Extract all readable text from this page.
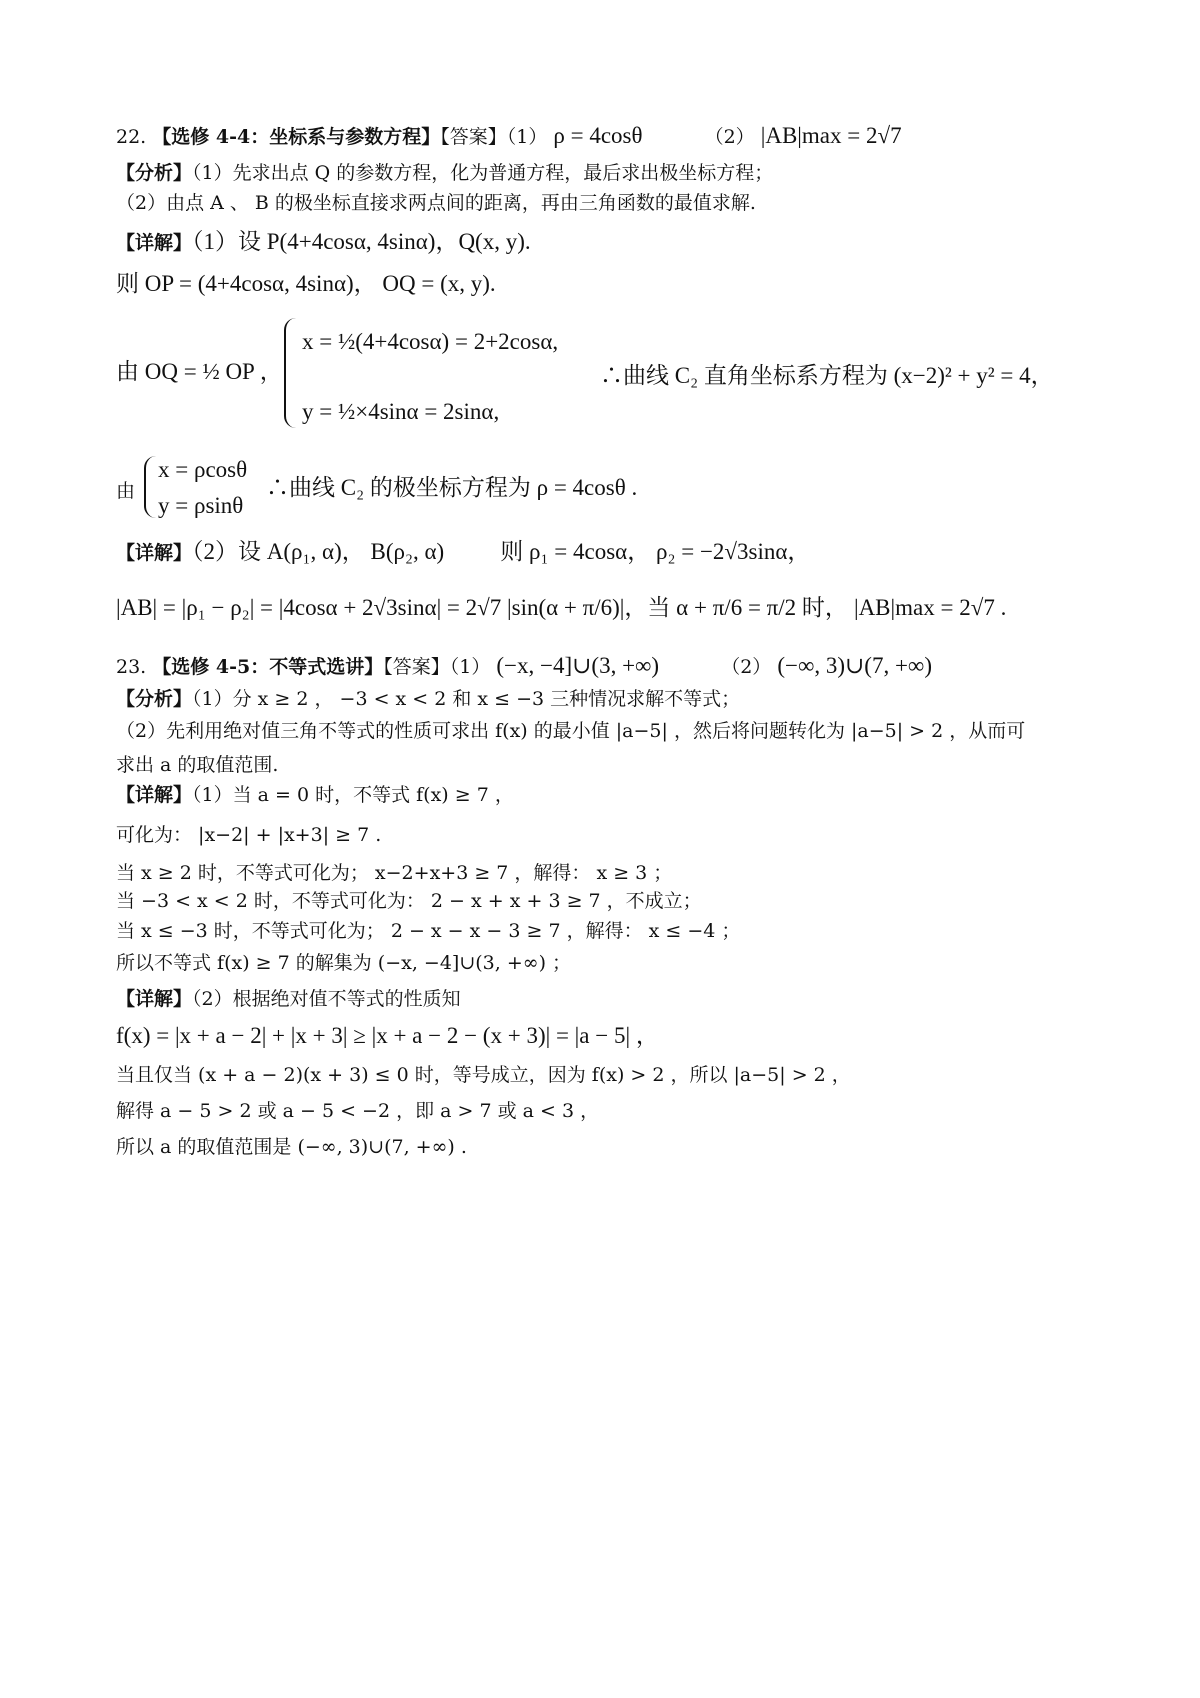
22. 【选修 4-4：坐标系与参数方程】【答案】（1） ρ = 4cosθ	（2） |AB|max = 2√7
【分析】（1）先求出点 Q 的参数方程，化为普通方程，最后求出极坐标方程；
（2）由点 A 、 B 的极坐标直接求两点间的距离，再由三角函数的最值求解.
【详解】（1）设 P(4+4cosα, 4sinα)，Q(x, y).
则 OP = (4+4cosα, 4sinα)， OQ = (x, y).
由 OQ = ½ OP ，
x = ½(4+4cosα) = 2+2cosα,
y = ½×4sinα = 2sinα,
∴曲线 C₂ 直角坐标系方程为 (x−2)² + y² = 4，
由
x = ρcosθ
y = ρsinθ
∴曲线 C₂ 的极坐标方程为 ρ = 4cosθ .
【详解】（2）设 A(ρ₁, α)， B(ρ₂, α) 则 ρ₁ = 4cosα， ρ₂ = −2√3sinα，
|AB| = |ρ₁ − ρ₂| = |4cosα + 2√3sinα| = 2√7 |sin(α + π/6)|，当 α + π/6 = π/2 时， |AB|max = 2√7 .
23. 【选修 4-5：不等式选讲】【答案】（1） (−x, −4]∪(3, +∞)	（2） (−∞, 3)∪(7, +∞)
【分析】（1）分 x ≥ 2 ， −3 < x < 2 和 x ≤ −3 三种情况求解不等式；
（2）先利用绝对值三角不等式的性质可求出 f(x) 的最小值 |a−5| ，然后将问题转化为 |a−5| > 2 ，从而可
求出 a 的取值范围.
【详解】（1）当 a = 0 时，不等式 f(x) ≥ 7 ，
可化为： |x−2| + |x+3| ≥ 7 .
当 x ≥ 2 时，不等式可化为； x−2+x+3 ≥ 7 ，解得： x ≥ 3 ；
当 −3 < x < 2 时，不等式可化为： 2 − x + x + 3 ≥ 7 ，不成立；
当 x ≤ −3 时，不等式可化为； 2 − x − x − 3 ≥ 7 ，解得： x ≤ −4 ；
所以不等式 f(x) ≥ 7 的解集为 (−x, −4]∪(3, +∞) ；
【详解】（2）根据绝对值不等式的性质知
f(x) = |x + a − 2| + |x + 3| ≥ |x + a − 2 − (x + 3)| = |a − 5| ，
当且仅当 (x + a − 2)(x + 3) ≤ 0 时，等号成立，因为 f(x) > 2 ，所以 |a−5| > 2 ，
解得 a − 5 > 2 或 a − 5 < −2 ，即 a > 7 或 a < 3 ，
所以 a 的取值范围是 (−∞, 3)∪(7, +∞) .
